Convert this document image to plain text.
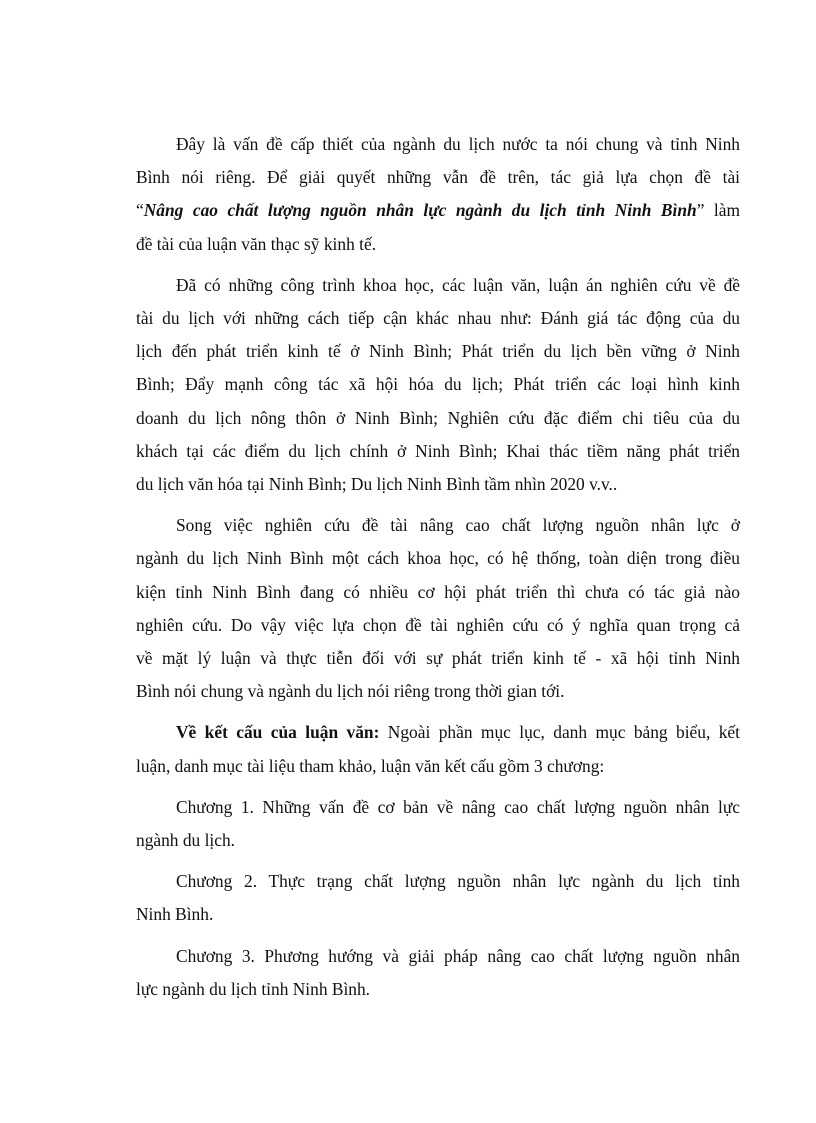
Đây là vấn đề cấp thiết của ngành du lịch nước ta nói chung và tỉnh Ninh
Bình nói riêng. Để giải quyết những vẫn đề trên, tác giả lựa chọn đề tài
“Nâng cao chất lượng nguồn nhân lực ngành du lịch tỉnh Ninh Bình” làm
đề tài của luận văn thạc sỹ kinh tế.
Đã có những công trình khoa học, các luận văn, luận án nghiên cứu về đề
tài du lịch với những cách tiếp cận khác nhau như: Đánh giá tác động của du
lịch đến phát triển kinh tế ở Ninh Bình; Phát triển du lịch bền vững ở Ninh
Bình; Đẩy mạnh công tác xã hội hóa du lịch; Phát triển các loại hình kinh
doanh du lịch nông thôn ở Ninh Bình; Nghiên cứu đặc điểm chi tiêu của du
khách tại các điểm du lịch chính ở Ninh Bình; Khai thác tiềm năng phát triển
du lịch văn hóa tại Ninh Bình; Du lịch Ninh Bình tầm nhìn 2020 v.v..
Song việc nghiên cứu đề tài nâng cao chất lượng nguồn nhân lực ở
ngành du lịch Ninh Bình một cách khoa học, có hệ thống, toàn diện trong điều
kiện tỉnh Ninh Bình đang có nhiều cơ hội phát triển thì chưa có tác giả nào
nghiên cứu. Do vậy việc lựa chọn đề tài nghiên cứu có ý nghĩa quan trọng cả
về mặt lý luận và thực tiễn đối với sự phát triển kinh tế - xã hội tỉnh Ninh
Bình nói chung và ngành du lịch nói riêng trong thời gian tới.
Về kết cấu của luận văn: Ngoài phần mục lục, danh mục bảng biểu, kết
luận, danh mục tài liệu tham khảo, luận văn kết cấu gồm 3 chương:
Chương 1. Những vấn đề cơ bản về nâng cao chất lượng nguồn nhân lực
ngành du lịch.
Chương 2. Thực trạng chất lượng nguồn nhân lực ngành du lịch tỉnh
Ninh Bình.
Chương 3. Phương hướng và giải pháp nâng cao chất lượng nguồn nhân
lực ngành du lịch tỉnh Ninh Bình.
